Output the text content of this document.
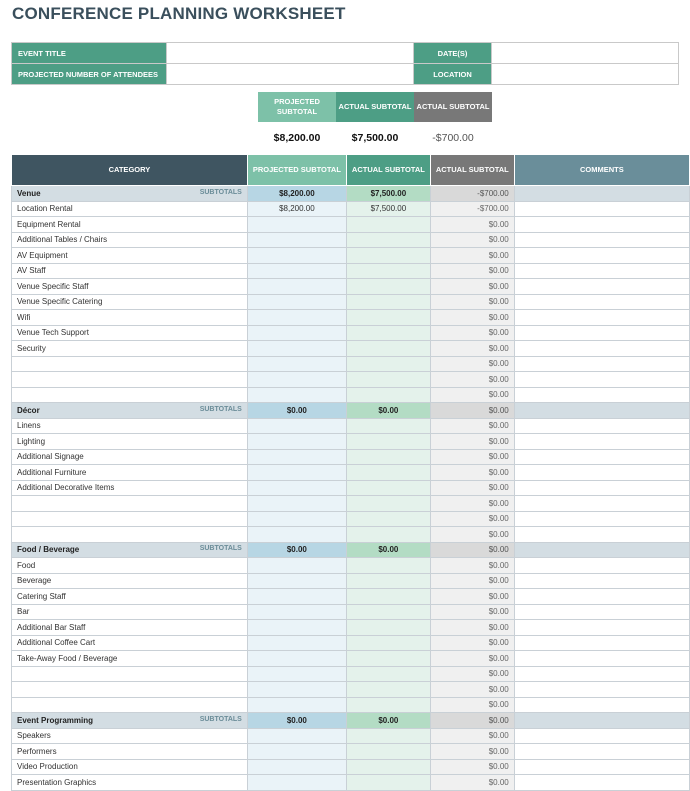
CONFERENCE PLANNING WORKSHEET
EVENT TITLE		DATE(S)	
PROJECTED NUMBER OF ATTENDEES		LOCATION	
PROJECTED SUBTOTAL	ACTUAL SUBTOTAL	ACTUAL SUBTOTAL
$8,200.00	$7,500.00	-$700.00
CATEGORY	PROJECTED SUBTOTAL	ACTUAL SUBTOTAL	ACTUAL SUBTOTAL	COMMENTS
Venue SUBTOTALS	$8,200.00	$7,500.00	-$700.00	
Location Rental	$8,200.00	$7,500.00	-$700.00	
Equipment Rental			$0.00	
Additional Tables / Chairs			$0.00	
AV Equipment			$0.00	
AV Staff			$0.00	
Venue Specific Staff			$0.00	
Venue Specific Catering			$0.00	
Wifi			$0.00	
Venue Tech Support			$0.00	
Security			$0.00	
			$0.00	
			$0.00	
			$0.00	
Décor SUBTOTALS	$0.00	$0.00	$0.00	
Linens			$0.00	
Lighting			$0.00	
Additional Signage			$0.00	
Additional Furniture			$0.00	
Additional Decorative Items			$0.00	
			$0.00	
			$0.00	
			$0.00	
Food / Beverage SUBTOTALS	$0.00	$0.00	$0.00	
Food			$0.00	
Beverage			$0.00	
Catering Staff			$0.00	
Bar			$0.00	
Additional Bar Staff			$0.00	
Additional Coffee Cart			$0.00	
Take-Away Food / Beverage			$0.00	
			$0.00	
			$0.00	
			$0.00	
Event Programming SUBTOTALS	$0.00	$0.00	$0.00	
Speakers			$0.00	
Performers			$0.00	
Video Production			$0.00	
Presentation Graphics			$0.00	
